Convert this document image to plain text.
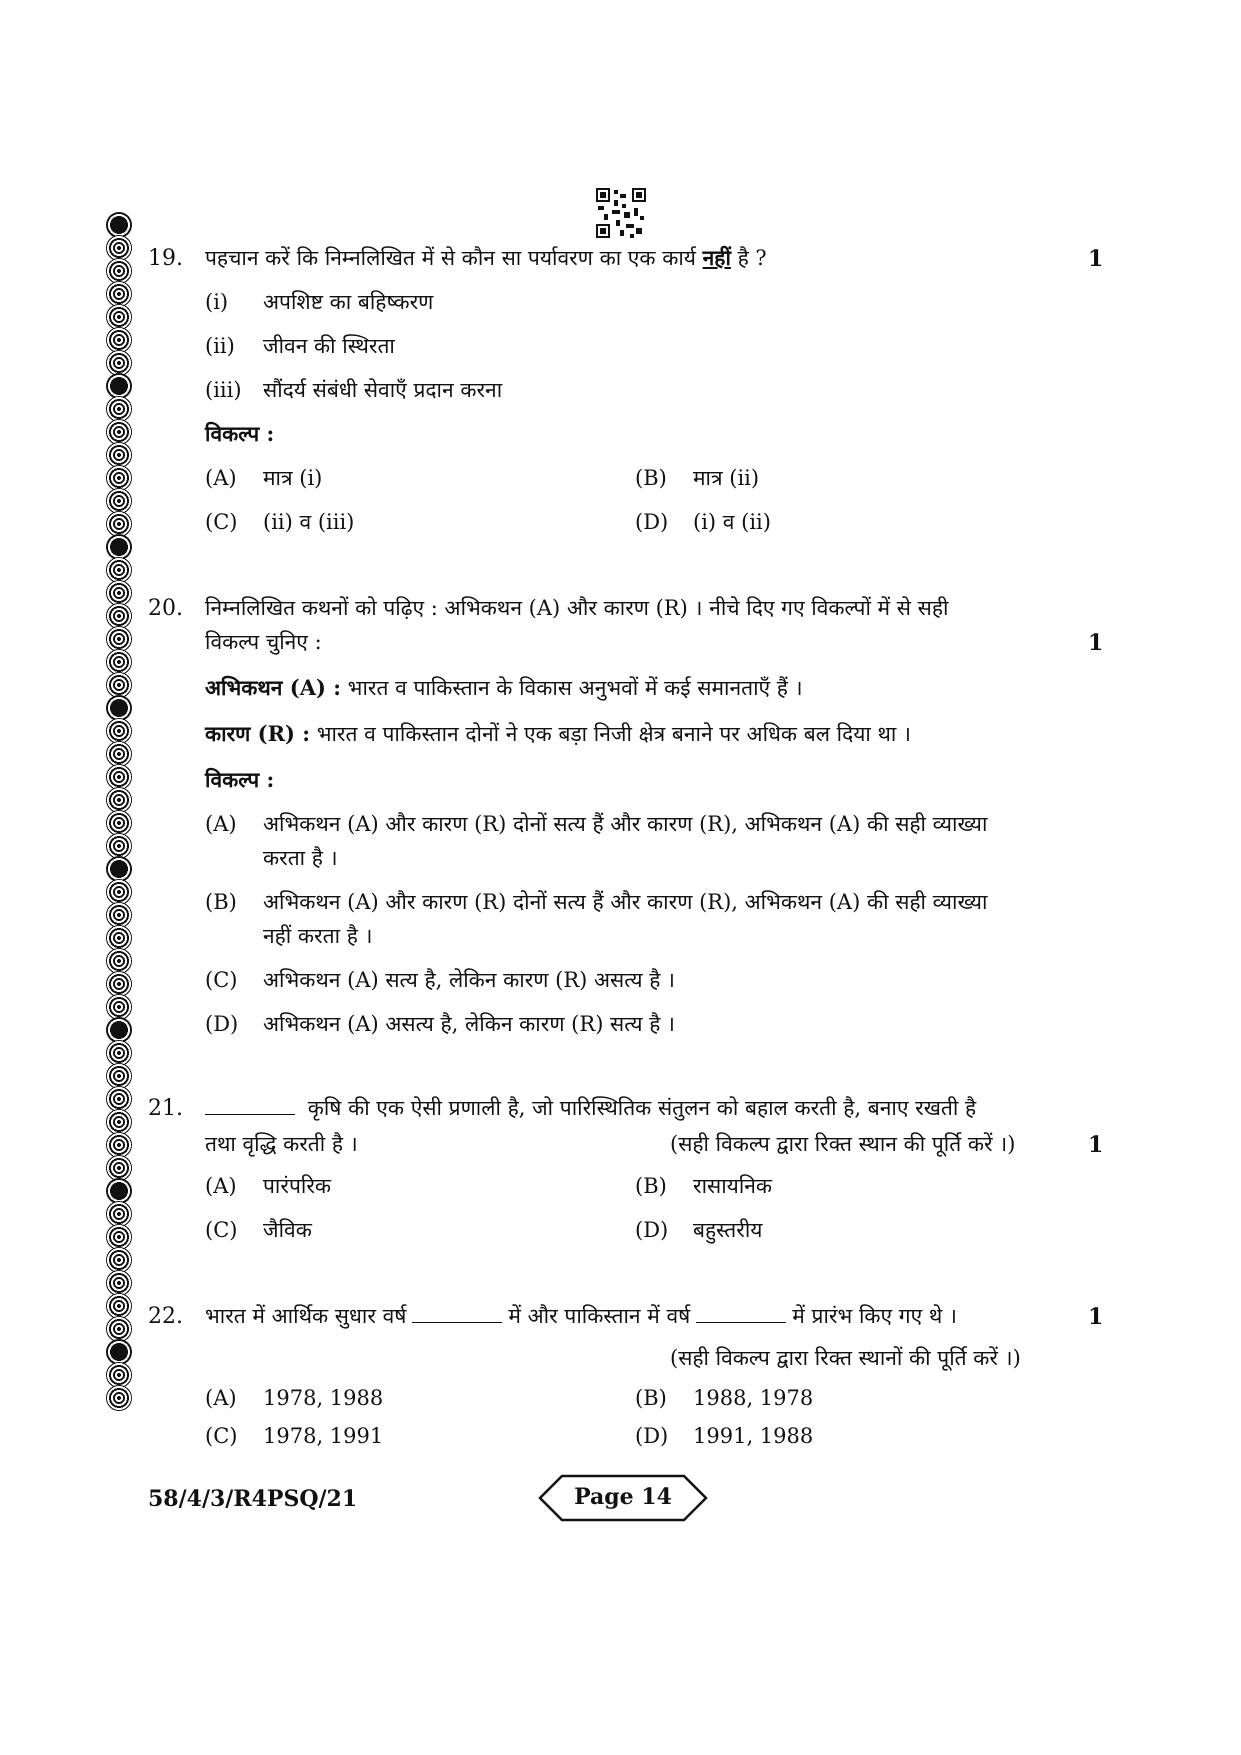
19. पहचान करें कि निम्नलिखित में से कौन सा पर्यावरण का एक कार्य नहीं है ?	1
(i) अपशिष्ट का बहिष्करण
(ii) जीवन की स्थिरता
(iii) सौंदर्य संबंधी सेवाएँ प्रदान करना
विकल्प :
(A) मात्र (i)	(B) मात्र (ii)
(C) (ii) व (iii)	(D) (i) व (ii)
20. निम्नलिखित कथनों को पढ़िए : अभिकथन (A) और कारण (R) । नीचे दिए गए विकल्पों में से सही
विकल्प चुनिए :	1
अभिकथन (A) : भारत व पाकिस्तान के विकास अनुभवों में कई समानताएँ हैं ।
कारण (R) : भारत व पाकिस्तान दोनों ने एक बड़ा निजी क्षेत्र बनाने पर अधिक बल दिया था ।
विकल्प :
(A) अभिकथन (A) और कारण (R) दोनों सत्य हैं और कारण (R), अभिकथन (A) की सही व्याख्या
करता है ।
(B) अभिकथन (A) और कारण (R) दोनों सत्य हैं और कारण (R), अभिकथन (A) की सही व्याख्या
नहीं करता है ।
(C) अभिकथन (A) सत्य है, लेकिन कारण (R) असत्य है ।
(D) अभिकथन (A) असत्य है, लेकिन कारण (R) सत्य है ।
21.	कृषि की एक ऐसी प्रणाली है, जो पारिस्थितिक संतुलन को बहाल करती है, बनाए रखती है
तथा वृद्धि करती है ।	(सही विकल्प द्वारा रिक्त स्थान की पूर्ति करें ।)	1
(A) पारंपरिक	(B) रासायनिक
(C) जैविक	(D) बहुस्तरीय
22. भारत में आर्थिक सुधार वर्ष	में और पाकिस्तान में वर्ष	में प्रारंभ किए गए थे ।	1
(सही विकल्प द्वारा रिक्त स्थानों की पूर्ति करें ।)
(A) 1978, 1988	(B) 1988, 1978
(C) 1978, 1991	(D) 1991, 1988
58/4/3/R4PSQ/21	Page 14
